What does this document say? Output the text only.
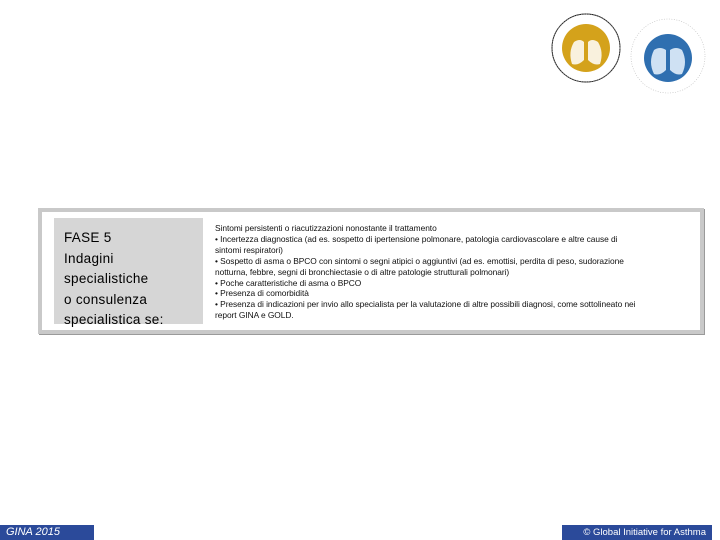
FASE 5
Indagini
specialistiche
o consulenza
specialistica se:
Sintomi persistenti o riacutizzazioni nonostante il trattamento
• Incertezza diagnostica (ad es. sospetto di ipertensione polmonare, patologia cardiovascolare e altre cause di
sintomi respiratori)
• Sospetto di asma o BPCO con sintomi o segni atipici o aggiuntivi (ad es. emottisi, perdita di peso, sudorazione
notturna, febbre, segni di bronchiectasie o di altre patologie strutturali polmonari)
• Poche caratteristiche di asma o BPCO
• Presenza di comorbidità
• Presenza di indicazioni per invio allo specialista per la valutazione di altre possibili diagnosi, come sottolineato nei
report GINA e GOLD.
GINA 2015	© Global Initiative for Asthma
